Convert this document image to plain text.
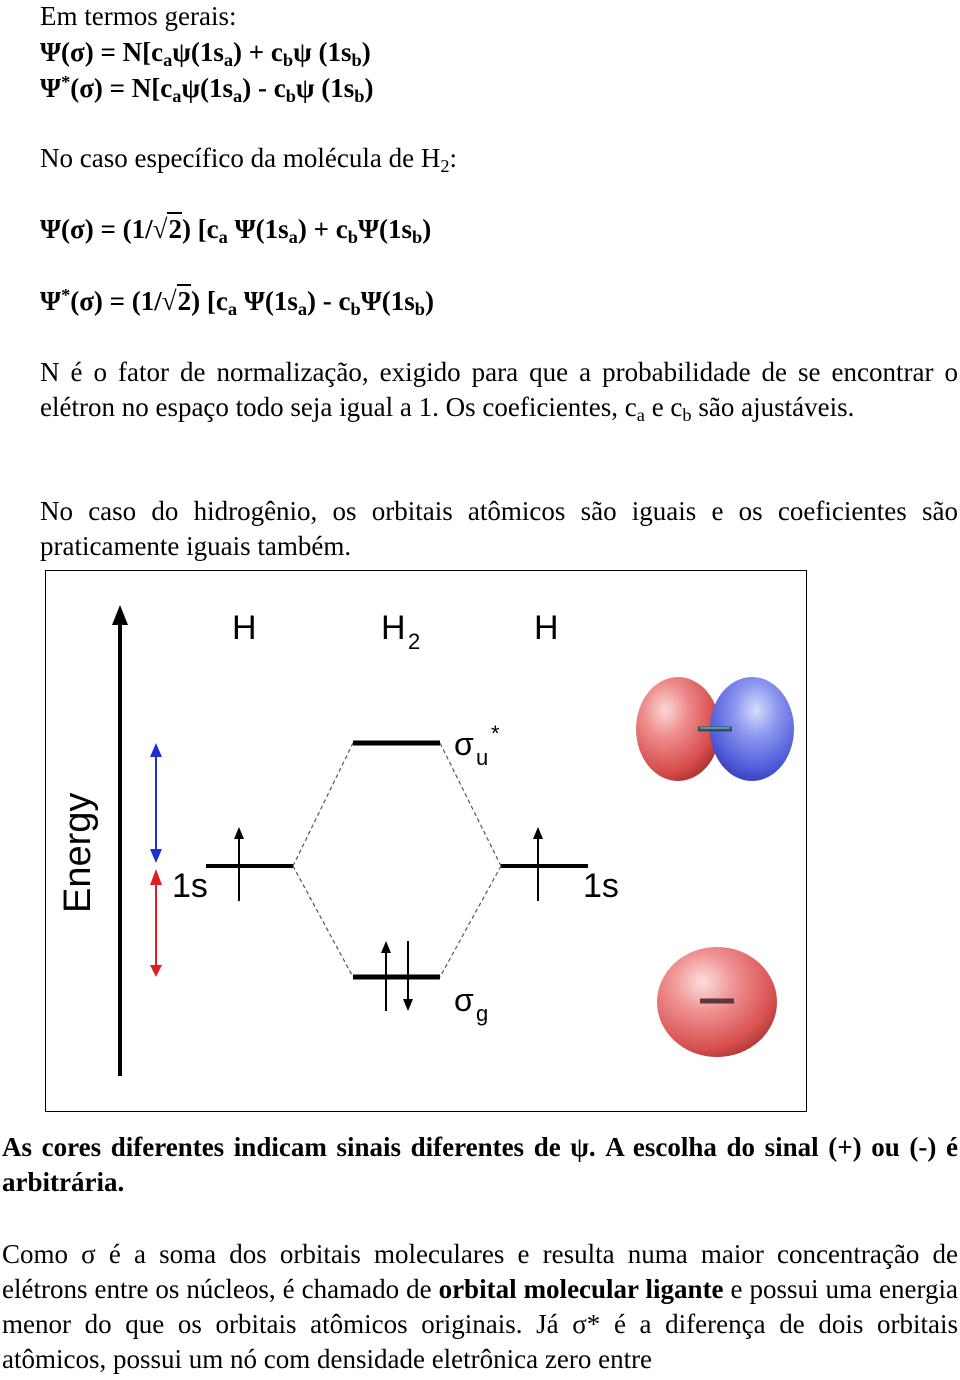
Em termos gerais:
$\Psi(\sigma) = N[c_a\psi(1s_a) + c_b\psi$ $(1s_b)$
$\Psi^*(\sigma) = N[c_a\psi(1s_a) - c_b\psi$ $(1s_b)$
No caso específico da molécula de $H_2$:
Ψ(σ) = (1/√2) [$c_a$ $\Psi(1s_a) + c_b\Psi(1s_b)$
Ψ*(σ) = (1/√2) [$c_a$ $\Psi(1s_a) - c_b\Psi(1s_b)$
N é o fator de normalização, exigido para que a probabilidade de se encontrar o elétron no espaço todo seja igual a 1. Os coeficientes, $c_a$ e $c_b$ são ajustáveis.
No caso do hidrogênio, os orbitais atômicos são iguais e os coeficientes são praticamente iguais também.
Energy
H	H 2	H
1s	1s
σ u
*
σ g
As cores diferentes indicam sinais diferentes de ψ. A escolha do sinal (+) ou (-) é arbitrária.
Como σ é a soma dos orbitais moleculares e resulta numa maior concentração de elétrons entre os núcleos, é chamado de orbital molecular ligante e possui uma energia menor do que os orbitais atômicos originais. Já σ* é a diferença de dois orbitais atômicos, possui um nó com densidade eletrônica zero entre
